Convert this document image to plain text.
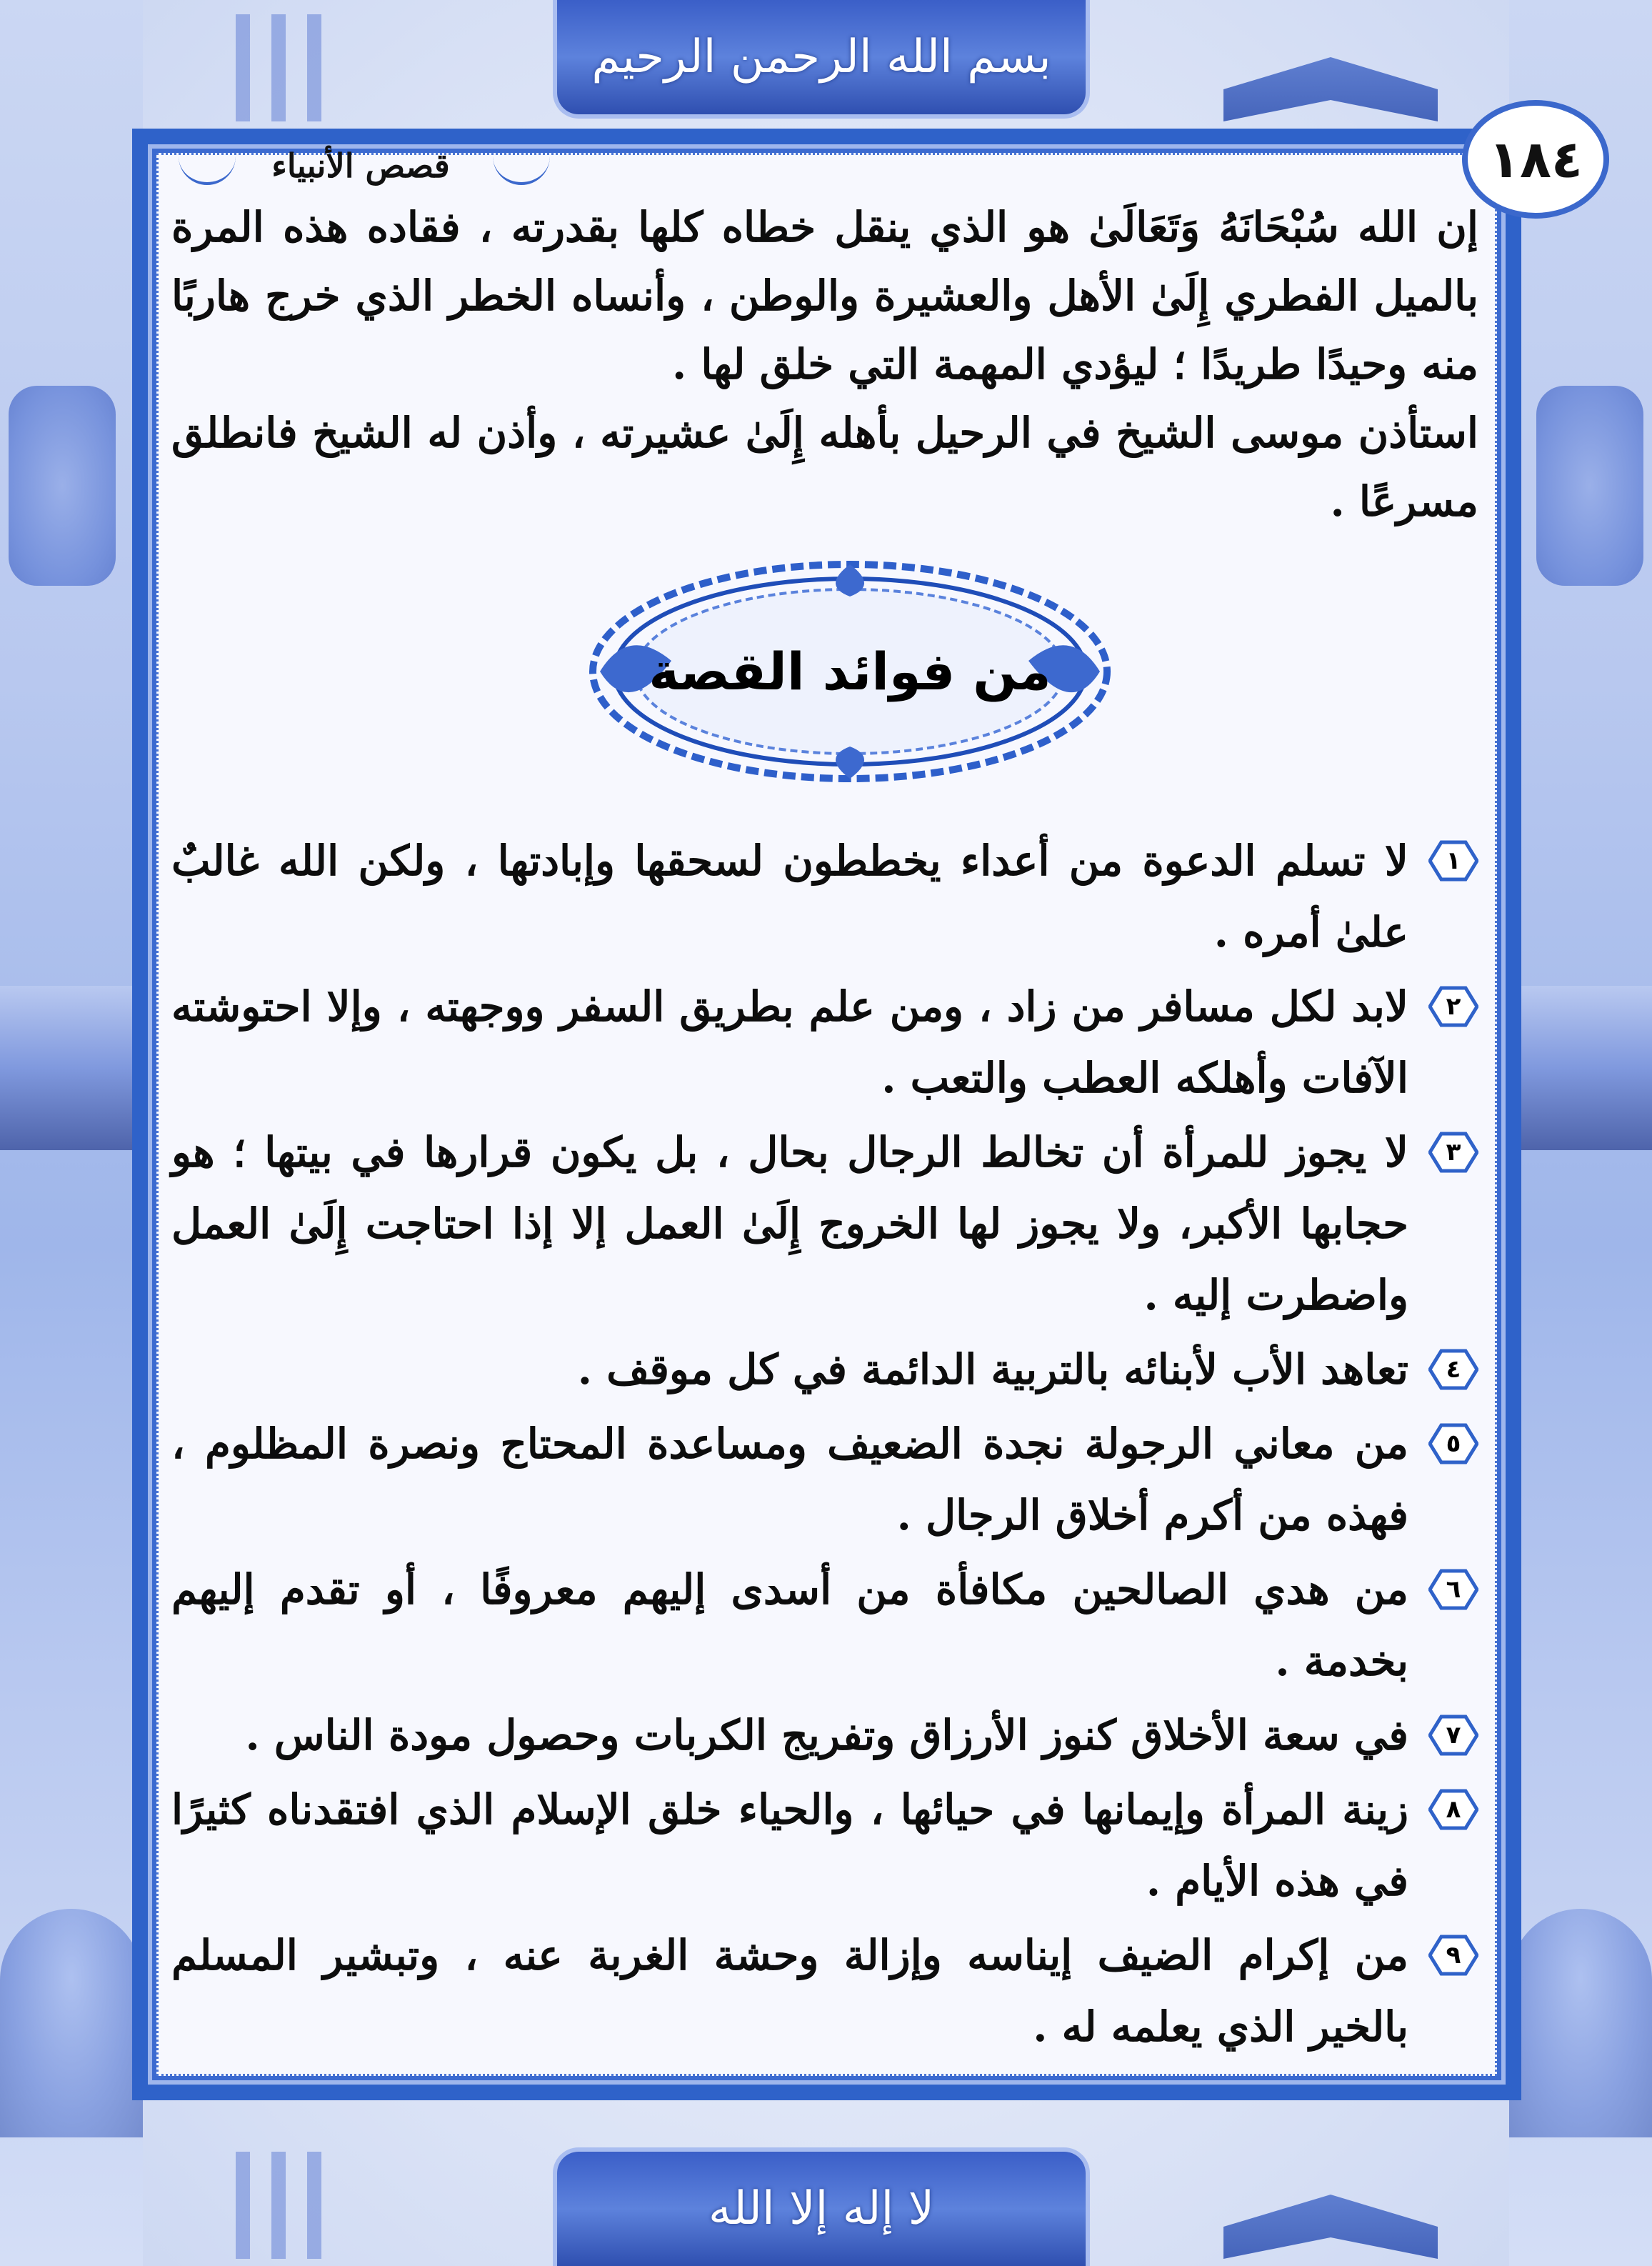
بسم الله الرحمن الرحيم
لا إله إلا الله
١٨٤
قصص الأنبياء

إن الله سُبْحَانَهُ وَتَعَالَىٰ هو الذي ينقل خطاه كلها بقدرته ، فقاده هذه المرة بالميل الفطري إِلَىٰ الأهل والعشيرة والوطن ، وأنساه الخطر الذي خرج هاربًا منه وحيدًا طريدًا ؛ ليؤدي المهمة التي خلق لها .

استأذن موسى الشيخ في الرحيل بأهله إِلَىٰ عشيرته ، وأذن له الشيخ فانطلق مسرعًا .

من فوائد القصة
١
لا تسلم الدعوة من أعداء يخططون لسحقها وإبادتها ، ولكن الله غالبٌ علىٰ أمره .
٢
لابد لكل مسافر من زاد ، ومن علم بطريق السفر ووجهته ، وإلا احتوشته الآفات وأهلكه العطب والتعب .
٣
لا يجوز للمرأة أن تخالط الرجال بحال ، بل يكون قرارها في بيتها ؛ هو حجابها الأكبر، ولا يجوز لها الخروج إِلَىٰ العمل إلا إذا احتاجت إِلَىٰ العمل واضطرت إليه .
٤
تعاهد الأب لأبنائه بالتربية الدائمة في كل موقف .
٥
من معاني الرجولة نجدة الضعيف ومساعدة المحتاج ونصرة المظلوم ، فهذه من أكرم أخلاق الرجال .
٦
من هدي الصالحين مكافأة من أسدى إليهم معروفًا ، أو تقدم إليهم بخدمة .
٧
في سعة الأخلاق كنوز الأرزاق وتفريج الكربات وحصول مودة الناس .
٨
زينة المرأة وإيمانها في حيائها ، والحياء خلق الإسلام الذي افتقدناه كثيرًا في هذه الأيام .
٩
من إكرام الضيف إيناسه وإزالة وحشة الغربة عنه ، وتبشير المسلم بالخير الذي يعلمه له .
